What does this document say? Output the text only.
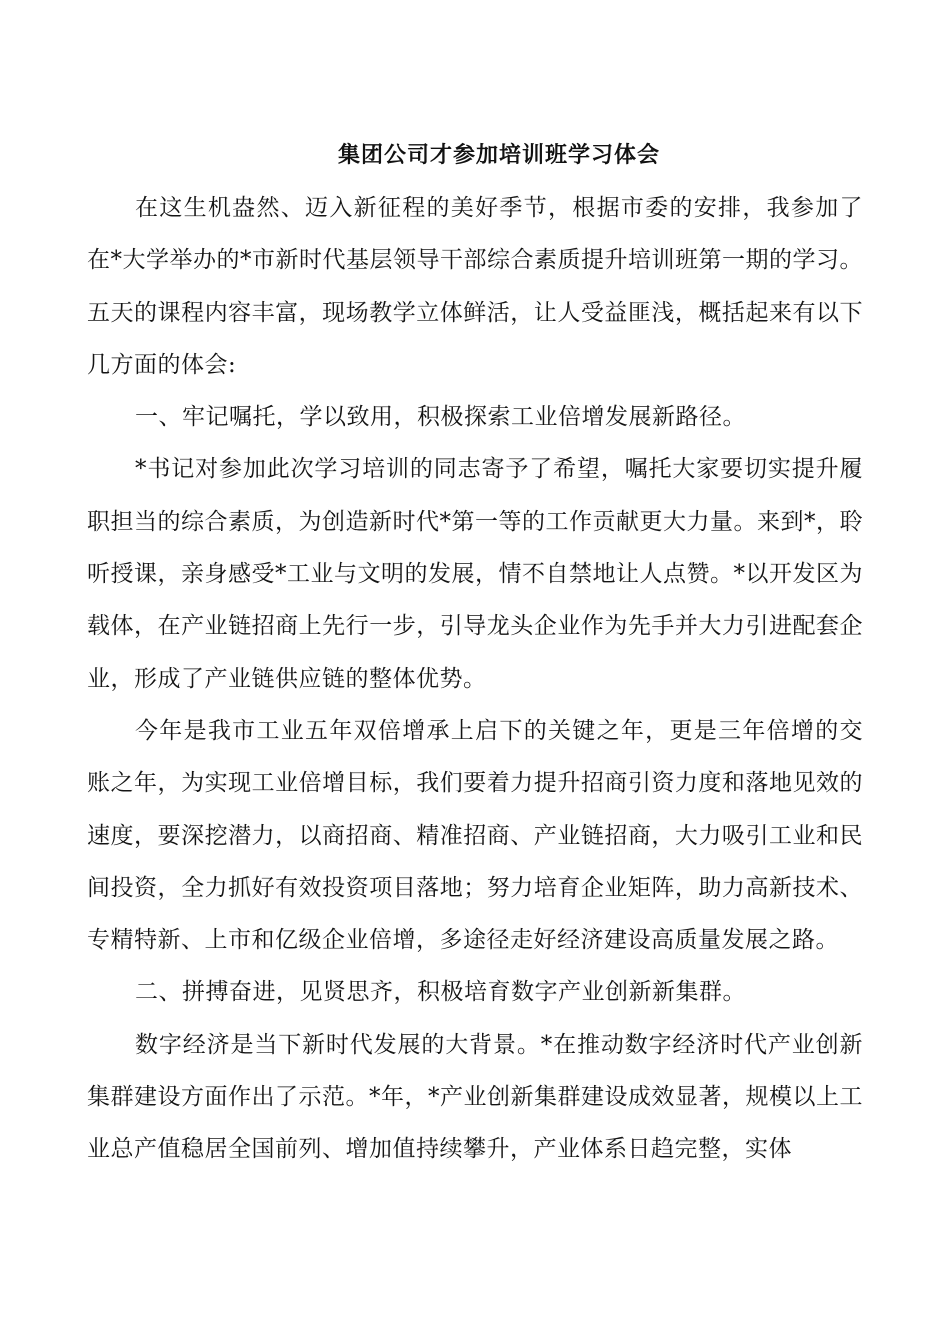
集团公司才参加培训班学习体会

在这生机盎然、迈入新征程的美好季节，根据市委的安排，我参加了在*大学举办的*市新时代基层领导干部综合素质提升培训班第一期的学习。五天的课程内容丰富，现场教学立体鲜活，让人受益匪浅，概括起来有以下几方面的体会:

一、牢记嘱托，学以致用，积极探索工业倍增发展新路径。

*书记对参加此次学习培训的同志寄予了希望，嘱托大家要切实提升履职担当的综合素质，为创造新时代*第一等的工作贡献更大力量。来到*，聆听授课，亲身感受*工业与文明的发展，情不自禁地让人点赞。*以开发区为载体，在产业链招商上先行一步，引导龙头企业作为先手并大力引进配套企业，形成了产业链供应链的整体优势。

今年是我市工业五年双倍增承上启下的关键之年，更是三年倍增的交账之年，为实现工业倍增目标，我们要着力提升招商引资力度和落地见效的速度，要深挖潜力，以商招商、精准招商、产业链招商，大力吸引工业和民间投资，全力抓好有效投资项目落地；努力培育企业矩阵，助力高新技术、专精特新、上市和亿级企业倍增，多途径走好经济建设高质量发展之路。

二、拼搏奋进，见贤思齐，积极培育数字产业创新新集群。

数字经济是当下新时代发展的大背景。*在推动数字经济时代产业创新集群建设方面作出了示范。*年，*产业创新集群建设成效显著，规模以上工业总产值稳居全国前列、增加值持续攀升，产业体系日趋完整，实体
